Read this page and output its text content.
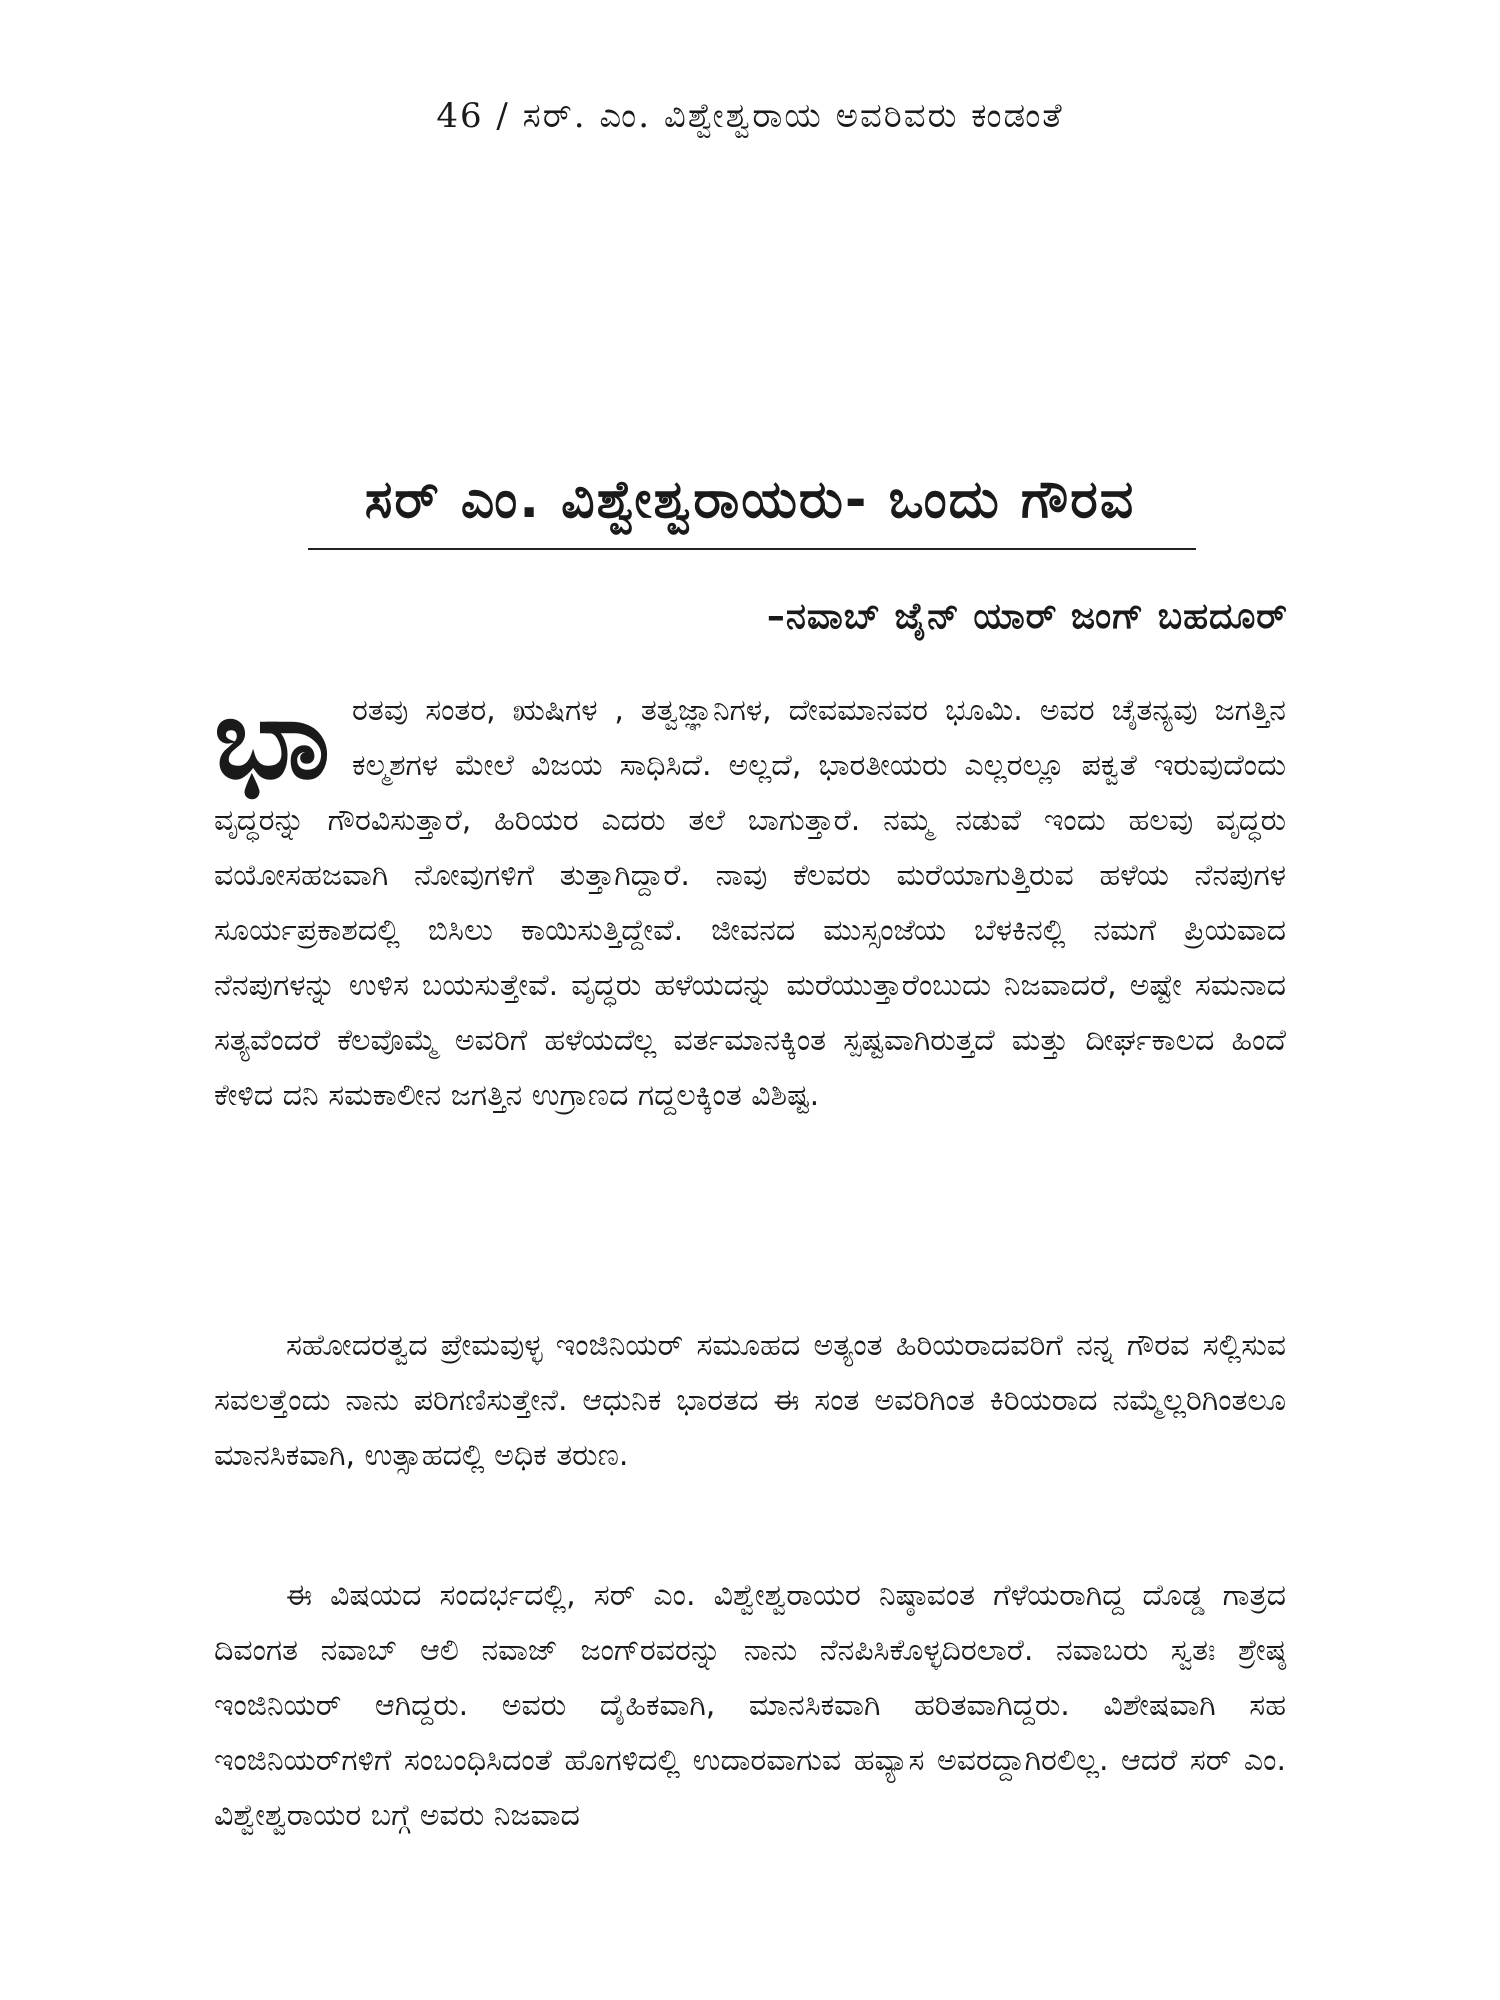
46 / ಸರ್. ಎಂ. ವಿಶ್ವೇಶ್ವರಾಯ ಅವರಿವರು ಕಂಡಂತೆ
ಸರ್ ಎಂ. ವಿಶ್ವೇಶ್ವರಾಯರು- ಒಂದು ಗೌರವ
–ನವಾಬ್ ಜೈನ್ ಯಾರ್ ಜಂಗ್ ಬಹದೂರ್

ಭಾ ರತವು ಸಂತರ, ಋಷಿಗಳ , ತತ್ವಜ್ಞಾನಿಗಳ, ದೇವಮಾನವರ ಭೂಮಿ. ಅವರ ಚೈತನ್ಯವು ಜಗತ್ತಿನ ಕಲ್ಮಶಗಳ ಮೇಲೆ ವಿಜಯ ಸಾಧಿಸಿದೆ. ಅಲ್ಲದೆ, ಭಾರತೀಯರು ಎಲ್ಲರಲ್ಲೂ ಪಕ್ವತೆ ಇರುವುದೆಂದು ವೃದ್ಧರನ್ನು ಗೌರವಿಸುತ್ತಾರೆ, ಹಿರಿಯರ ಎದರು ತಲೆ ಬಾಗುತ್ತಾರೆ. ನಮ್ಮ ನಡುವೆ ಇಂದು ಹಲವು ವೃದ್ಧರು ವಯೋಸಹಜವಾಗಿ ನೋವುಗಳಿಗೆ ತುತ್ತಾಗಿದ್ದಾರೆ. ನಾವು ಕೆಲವರು ಮರೆಯಾಗುತ್ತಿರುವ ಹಳೆಯ ನೆನಪುಗಳ ಸೂರ್ಯಪ್ರಕಾಶದಲ್ಲಿ ಬಿಸಿಲು ಕಾಯಿಸುತ್ತಿದ್ದೇವೆ. ಜೀವನದ ಮುಸ್ಸಂಜೆಯ ಬೆಳಕಿನಲ್ಲಿ ನಮಗೆ ಪ್ರಿಯವಾದ ನೆನಪುಗಳನ್ನು ಉಳಿಸ ಬಯಸುತ್ತೇವೆ. ವೃದ್ಧರು ಹಳೆಯದನ್ನು ಮರೆಯುತ್ತಾರೆಂಬುದು ನಿಜವಾದರೆ, ಅಷ್ಟೇ ಸಮನಾದ ಸತ್ಯವೆಂದರೆ ಕೆಲವೊಮ್ಮೆ ಅವರಿಗೆ ಹಳೆಯದೆಲ್ಲ ವರ್ತಮಾನಕ್ಕಿಂತ ಸ್ಪಷ್ಟವಾಗಿರುತ್ತದೆ ಮತ್ತು ದೀರ್ಘಕಾಲದ ಹಿಂದೆ ಕೇಳಿದ ದನಿ ಸಮಕಾಲೀನ ಜಗತ್ತಿನ ಉಗ್ರಾಣದ ಗದ್ದಲಕ್ಕಿಂತ ವಿಶಿಷ್ಟ.

ಸಹೋದರತ್ವದ ಪ್ರೇಮವುಳ್ಳ ಇಂಜಿನಿಯರ್ ಸಮೂಹದ ಅತ್ಯಂತ ಹಿರಿಯರಾದವರಿಗೆ ನನ್ನ ಗೌರವ ಸಲ್ಲಿಸುವ ಸವಲತ್ತೆಂದು ನಾನು ಪರಿಗಣಿಸುತ್ತೇನೆ. ಆಧುನಿಕ ಭಾರತದ ಈ ಸಂತ ಅವರಿಗಿಂತ ಕಿರಿಯರಾದ ನಮ್ಮೆಲ್ಲರಿಗಿಂತಲೂ ಮಾನಸಿಕವಾಗಿ, ಉತ್ಸಾಹದಲ್ಲಿ ಅಧಿಕ ತರುಣ.

ಈ ವಿಷಯದ ಸಂದರ್ಭದಲ್ಲಿ, ಸರ್ ಎಂ. ವಿಶ್ವೇಶ್ವರಾಯರ ನಿಷ್ಠಾವಂತ ಗೆಳೆಯರಾಗಿದ್ದ ದೊಡ್ಡ ಗಾತ್ರದ ದಿವಂಗತ ನವಾಬ್ ಆಲಿ ನವಾಜ್ ಜಂಗ್‌ರವರನ್ನು ನಾನು ನೆನಪಿಸಿಕೊಳ್ಳದಿರಲಾರೆ. ನವಾಬರು ಸ್ವತಃ ಶ್ರೇಷ್ಠ ಇಂಜಿನಿಯರ್ ಆಗಿದ್ದರು. ಅವರು ದೈಹಿಕವಾಗಿ, ಮಾನಸಿಕವಾಗಿ ಹರಿತವಾಗಿದ್ದರು. ವಿಶೇಷವಾಗಿ ಸಹ ಇಂಜಿನಿಯರ್‌ಗಳಿಗೆ ಸಂಬಂಧಿಸಿದಂತೆ ಹೊಗಳಿದಲ್ಲಿ ಉದಾರವಾಗುವ ಹವ್ಯಾಸ ಅವರದ್ದಾಗಿರಲಿಲ್ಲ. ಆದರೆ ಸರ್ ಎಂ. ವಿಶ್ವೇಶ್ವರಾಯರ ಬಗ್ಗೆ ಅವರು ನಿಜವಾದ
